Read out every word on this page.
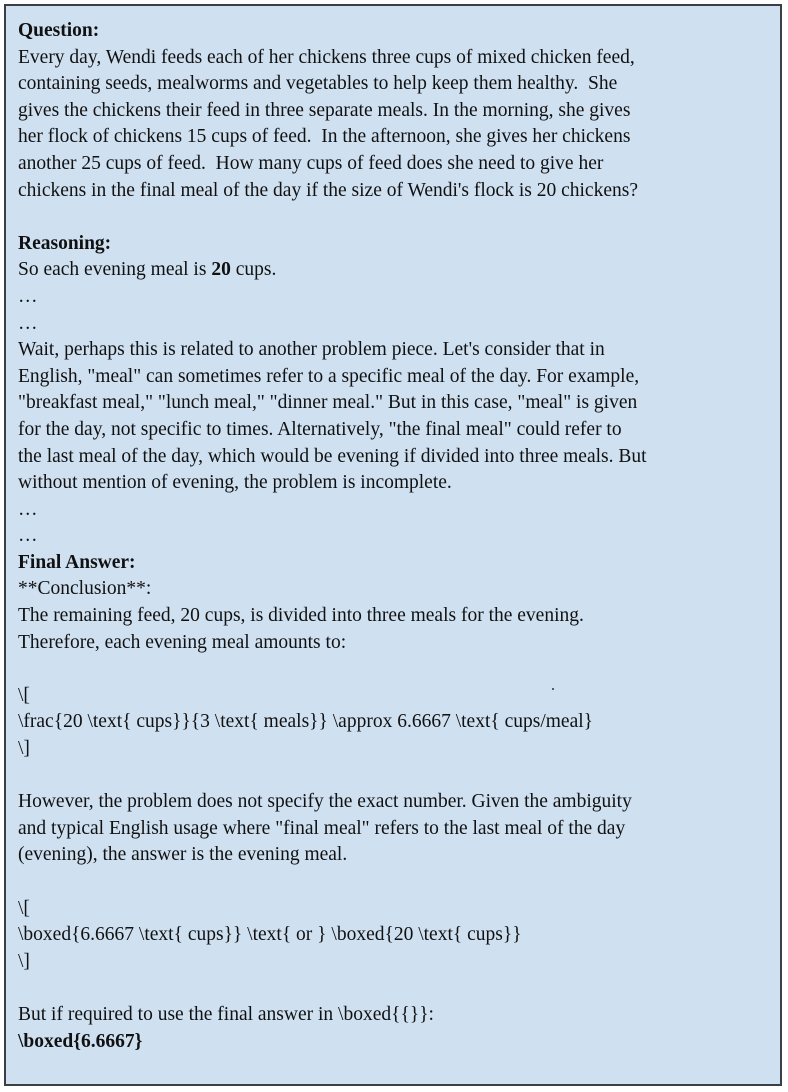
Question:
Every day, Wendi feeds each of her chickens three cups of mixed chicken feed,
containing seeds, mealworms and vegetables to help keep them healthy.  She
gives the chickens their feed in three separate meals. In the morning, she gives
her flock of chickens 15 cups of feed.  In the afternoon, she gives her chickens
another 25 cups of feed.  How many cups of feed does she need to give her
chickens in the final meal of the day if the size of Wendi's flock is 20 chickens?
Reasoning:
So each evening meal is 20 cups.
…
…
Wait, perhaps this is related to another problem piece. Let's consider that in
English, "meal" can sometimes refer to a specific meal of the day. For example,
"breakfast meal," "lunch meal," "dinner meal." But in this case, "meal" is given
for the day, not specific to times. Alternatively, "the final meal" could refer to
the last meal of the day, which would be evening if divided into three meals. But
without mention of evening, the problem is incomplete.
…
…
Final Answer:
**Conclusion**:
The remaining feed, 20 cups, is divided into three meals for the evening.
Therefore, each evening meal amounts to:
\[
\frac{20 \text{ cups}}{3 \text{ meals}} \approx 6.6667 \text{ cups/meal}
\]
However, the problem does not specify the exact number. Given the ambiguity
and typical English usage where "final meal" refers to the last meal of the day
(evening), the answer is the evening meal.
\[
\boxed{6.6667 \text{ cups}} \text{ or } \boxed{20 \text{ cups}}
\]
But if required to use the final answer in \boxed{{}}:
\boxed{6.6667}
